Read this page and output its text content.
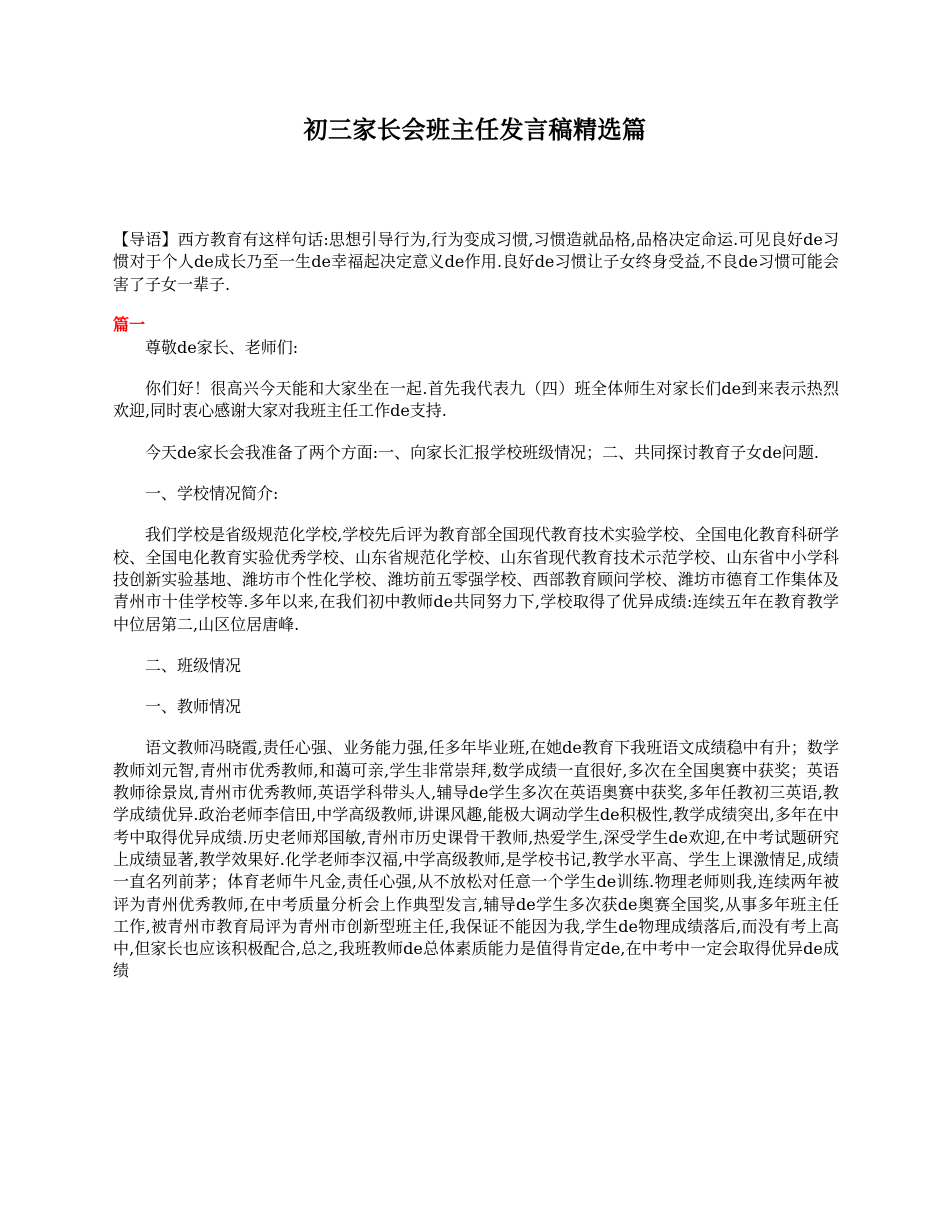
初三家长会班主任发言稿精选篇

【导语】西方教育有这样句话:思想引导行为,行为变成习惯,习惯造就品格,品格决定命运.可见良好de习惯对于个人de成长乃至一生de幸福起决定意义de作用.良好de习惯让子女终身受益,不良de习惯可能会害了子女一辈子.

篇一

尊敬de家长、老师们:

你们好！很高兴今天能和大家坐在一起.首先我代表九（四）班全体师生对家长们de到来表示热烈欢迎,同时衷心感谢大家对我班主任工作de支持.

今天de家长会我准备了两个方面:一、向家长汇报学校班级情况；二、共同探讨教育子女de问题.

一、学校情况简介:

我们学校是省级规范化学校,学校先后评为教育部全国现代教育技术实验学校、全国电化教育科研学校、全国电化教育实验优秀学校、山东省规范化学校、山东省现代教育技术示范学校、山东省中小学科技创新实验基地、潍坊市个性化学校、潍坊前五零强学校、西部教育顾问学校、潍坊市德育工作集体及青州市十佳学校等.多年以来,在我们初中教师de共同努力下,学校取得了优异成绩:连续五年在教育教学中位居第二,山区位居唐峰.

二、班级情况

一、教师情况

语文教师冯晓霞,责任心强、业务能力强,任多年毕业班,在她de教育下我班语文成绩稳中有升；数学教师刘元智,青州市优秀教师,和蔼可亲,学生非常崇拜,数学成绩一直很好,多次在全国奥赛中获奖；英语教师徐景岚,青州市优秀教师,英语学科带头人,辅导de学生多次在英语奥赛中获奖,多年任教初三英语,教学成绩优异.政治老师李信田,中学高级教师,讲课风趣,能极大调动学生de积极性,教学成绩突出,多年在中考中取得优异成绩.历史老师郑国敏,青州市历史课骨干教师,热爱学生,深受学生de欢迎,在中考试题研究上成绩显著,教学效果好.化学老师李汉福,中学高级教师,是学校书记,教学水平高、学生上课激情足,成绩一直名列前茅；体育老师牛凡金,责任心强,从不放松对任意一个学生de训练.物理老师则我,连续两年被评为青州优秀教师,在中考质量分析会上作典型发言,辅导de学生多次获de奥赛全国奖,从事多年班主任工作,被青州市教育局评为青州市创新型班主任,我保证不能因为我,学生de物理成绩落后,而没有考上高中,但家长也应该积极配合,总之,我班教师de总体素质能力是值得肯定de,在中考中一定会取得优异de成绩
